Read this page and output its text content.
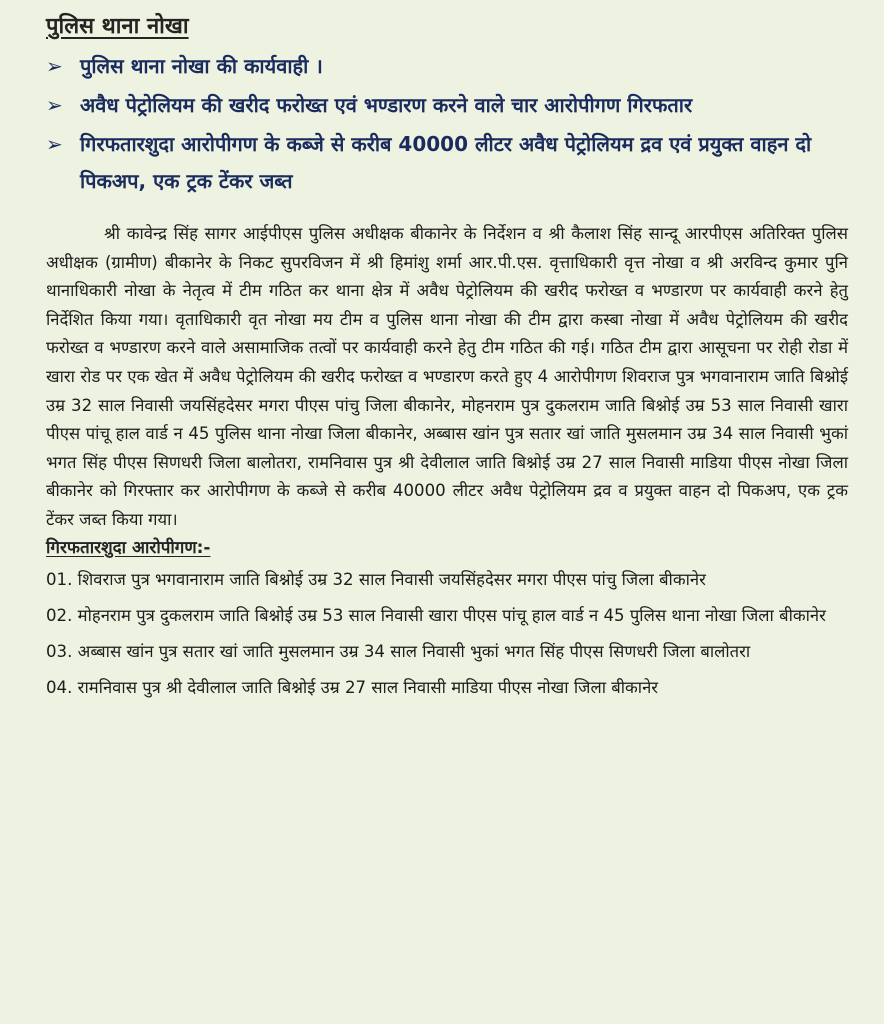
पुलिस थाना नोखा
➢ पुलिस थाना नोखा की कार्यवाही ।
➢ अवैध पेट्रोलियम की खरीद फरोख्त एवं भण्डारण करने वाले चार आरोपीगण गिरफतार
➢ गिरफतारशुदा आरोपीगण के कब्जे से करीब 40000 लीटर अवैध पेट्रोलियम द्रव एवं प्रयुक्त वाहन दो पिकअप, एक ट्रक टेंकर जब्त

श्री कावेन्द्र सिंह सागर आईपीएस पुलिस अधीक्षक बीकानेर के निर्देशन व श्री कैलाश सिंह सान्दू आरपीएस अतिरिक्त पुलिस अधीक्षक (ग्रामीण) बीकानेर के निकट सुपरविजन में श्री हिमांशु शर्मा आर.पी.एस. वृत्ताधिकारी वृत्त नोखा व श्री अरविन्द कुमार पुनि थानाधिकारी नोखा के नेतृत्व में टीम गठित कर थाना क्षेत्र में अवैध पेट्रोलियम की खरीद फरोख्त व भण्डारण पर कार्यवाही करने हेतु निर्देशित किया गया। वृताधिकारी वृत नोखा मय टीम व पुलिस थाना नोखा की टीम द्वारा कस्बा नोखा में अवैध पेट्रोलियम की खरीद फरोख्त व भण्डारण करने वाले असामाजिक तत्वों पर कार्यवाही करने हेतु टीम गठित की गई। गठित टीम द्वारा आसूचना पर रोही रोडा में खारा रोड पर एक खेत में अवैध पेट्रोलियम की खरीद फरोख्त व भण्डारण करते हुए 4 आरोपीगण शिवराज पुत्र भगवानाराम जाति बिश्नोई उम्र 32 साल निवासी जयसिंहदेसर मगरा पीएस पांचु जिला बीकानेर, मोहनराम पुत्र दुकलराम जाति बिश्नोई उम्र 53 साल निवासी खारा पीएस पांचू हाल वार्ड न 45 पुलिस थाना नोखा जिला बीकानेर, अब्बास खांन पुत्र सतार खां जाति मुसलमान उम्र 34 साल निवासी भुकां भगत सिंह पीएस सिणधरी जिला बालोतरा, रामनिवास पुत्र श्री देवीलाल जाति बिश्नोई उम्र 27 साल निवासी माडिया पीएस नोखा जिला बीकानेर को गिरफ्तार कर आरोपीगण के कब्जे से करीब 40000 लीटर अवैध पेट्रोलियम द्रव व प्रयुक्त वाहन दो पिकअप, एक ट्रक टेंकर जब्त किया गया।

गिरफतारशुदा आरोपीगण:-
01. शिवराज पुत्र भगवानाराम जाति बिश्नोई उम्र 32 साल निवासी जयसिंहदेसर मगरा पीएस पांचु जिला बीकानेर
02. मोहनराम पुत्र दुकलराम जाति बिश्नोई उम्र 53 साल निवासी खारा पीएस पांचू हाल वार्ड न 45 पुलिस थाना नोखा जिला बीकानेर
03. अब्बास खांन पुत्र सतार खां जाति मुसलमान उम्र 34 साल निवासी भुकां भगत सिंह पीएस सिणधरी जिला बालोतरा
04. रामनिवास पुत्र श्री देवीलाल जाति बिश्नोई उम्र 27 साल निवासी माडिया पीएस नोखा जिला बीकानेर
